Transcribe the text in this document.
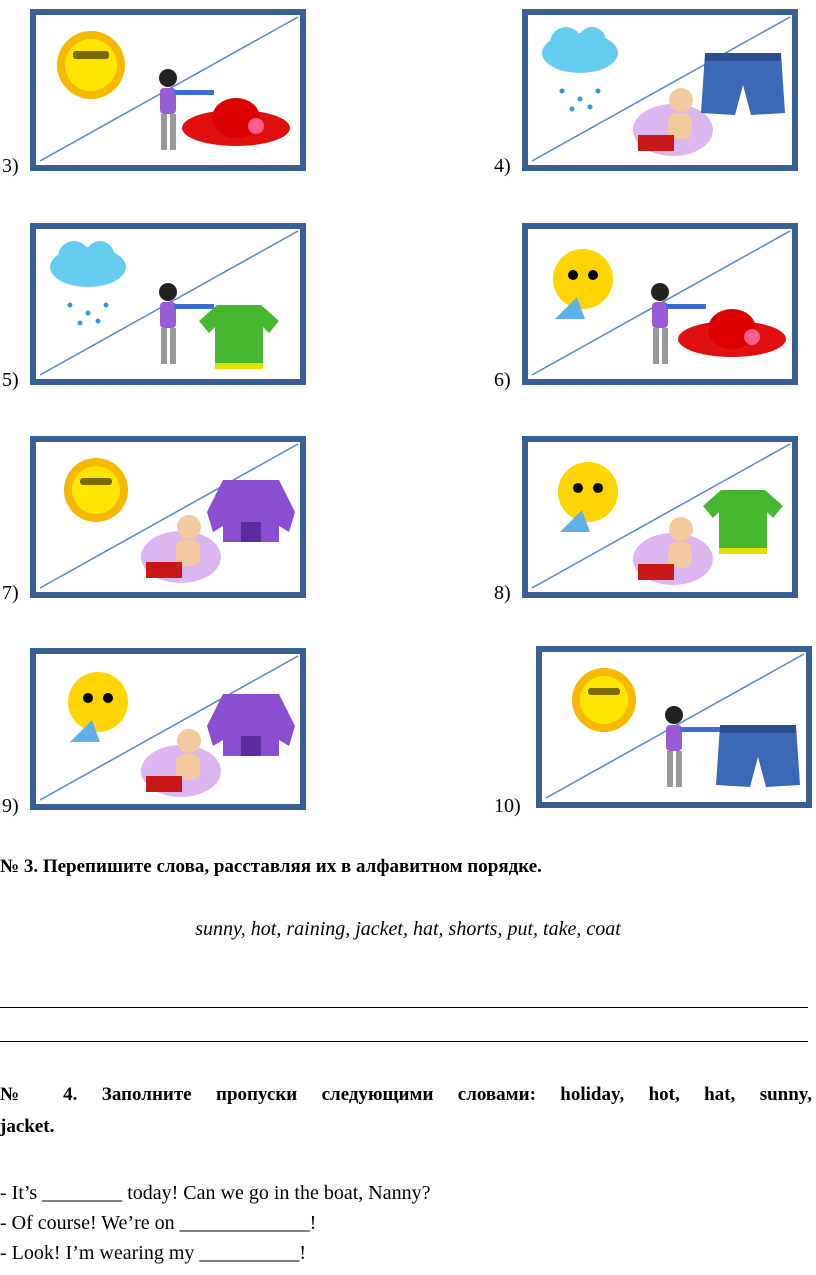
3)	4)
5)	6)
7)	8)
9)	10)
№ 3. Перепишите слова, расставляя их в алфавитном порядке.
sunny, hot, raining, jacket, hat, shorts, put, take, coat
№ 4. Заполните пропуски следующими словами: holiday, hot, hat, sunny,
jacket.
- It’s ________ today! Can we go in the boat, Nanny?
- Of course! We’re on _____________!
- Look! I’m wearing my __________!
